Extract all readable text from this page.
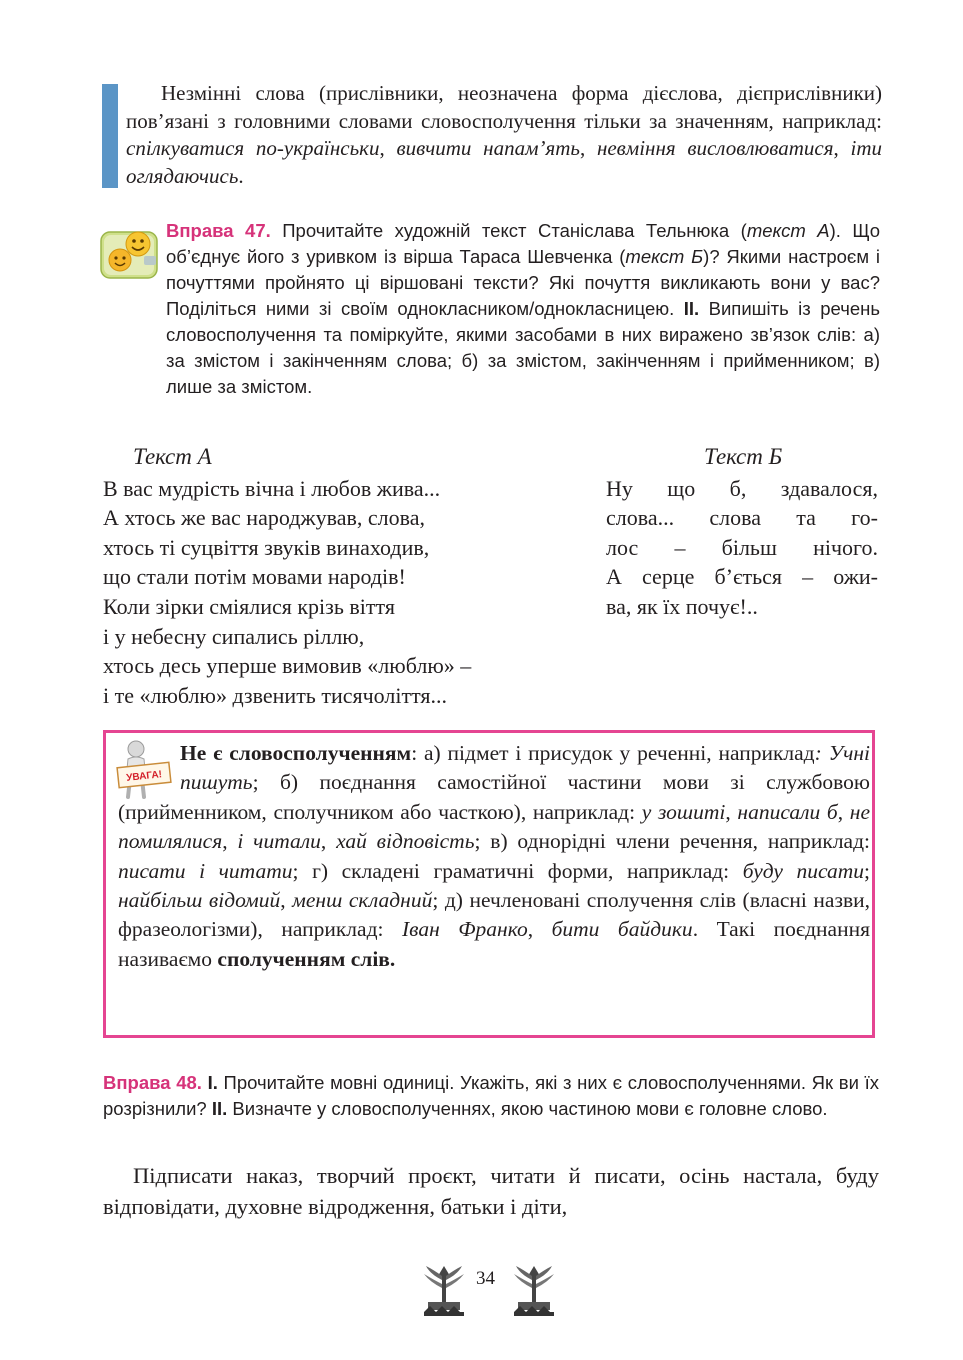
Незмінні слова (прислівники, неозначена форма дієслова, дієприслівники) пов’язані з головними словами словосполучення тільки за значенням, наприклад: спілкуватися по-українськи, вивчити напам’ять, невміння висловлюватися, іти оглядаючись.
Вправа 47. Прочитайте художній текст Станіслава Тельнюка (текст А). Що об’єднує його з уривком із вірша Тараса Шевченка (текст Б)? Якими настроєм і почуттями пройнято ці віршовані тексти? Які почуття викликають вони у вас? Поділіться ними зі своїм однокласником/однокласницею. ІІ. Випишіть із речень словосполучення та поміркуйте, якими засобами в них виражено зв’язок слів: а) за змістом і закінченням слова; б) за змістом, закінченням і прийменником; в) лише за змістом.
Текст А
В вас мудрість вічна і любов жива...
А хтось же вас народжував, слова,
хтось ті суцвіття звуків винаходив,
що стали потім мовами народів!
Коли зірки сміялися крізь віття
і у небесну сипались ріллю,
хтось десь уперше вимовив «люблю» –
і те «люблю» дзвенить тисячоліття...
Текст Б
Ну що б, здавалося,
слова... слова та го-
лос – більш нічого.
А серце б’ється – ожи-
ва, як їх почує!..
УВАГА!
Не є словосполученням: а) підмет і присудок у реченні, наприклад: Учні пишуть; б) поєднання самостійної частини мови зі службовою (прийменником, сполучником або часткою), наприклад: у зошиті, написали б, не помилялися, і читали, хай відповість; в) однорідні члени речення, наприклад: писати і читати; г) складені граматичні форми, наприклад: буду писати; найбільш відомий, менш складний; д) нечленовані сполучення слів (власні назви, фразеологізми), наприклад: Іван Франко, бити байдики. Такі поєднання називаємо сполученням слів.
Вправа 48. І. Прочитайте мовні одиниці. Укажіть, які з них є словосполученнями. Як ви їх розрізнили? ІІ. Визначте у словосполученнях, якою частиною мови є головне слово.
Підписати наказ, творчий проєкт, читати й писати, осінь настала, буду відповідати, духовне відродження, батьки і діти,
34
